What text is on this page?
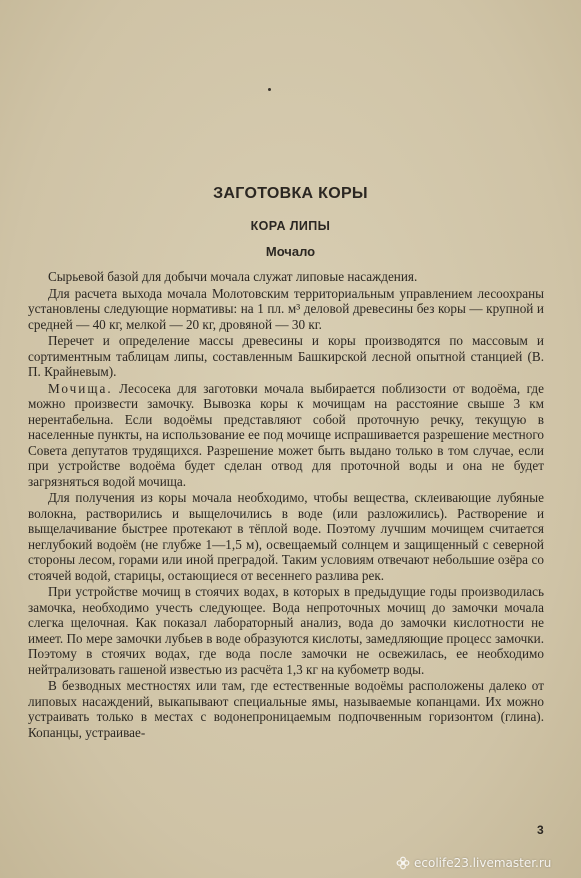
ЗАГОТОВКА КОРЫ
КОРА ЛИПЫ
Мочало

Сырьевой базой для добычи мочала служат липовые насаждения.

Для расчета выхода мочала Молотовским территориальным управлением лесоохраны установлены следующие нормативы: на 1 пл. м³ деловой древесины без коры — крупной и средней — 40 кг, мелкой — 20 кг, дровяной — 30 кг.

Перечет и определение массы древесины и коры производятся по массовым и сортиментным таблицам липы, составленным Башкирской лесной опытной станцией (В. П. Крайневым).

Мочища. Лесосека для заготовки мочала выбирается поблизости от водоёма, где можно произвести замочку. Вывозка коры к мочищам на расстояние свыше 3 км нерентабельна. Если водоёмы представляют собой проточную речку, текущую в населенные пункты, на использование ее под мочище испрашивается разрешение местного Совета депутатов трудящихся. Разрешение может быть выдано только в том случае, если при устройстве водоёма будет сделан отвод для проточной воды и она не будет загрязняться водой мочища.

Для получения из коры мочала необходимо, чтобы вещества, склеивающие лубяные волокна, растворились и выщелочились в воде (или разложились). Растворение и выщелачивание быстрее протекают в тёплой воде. Поэтому лучшим мочищем считается неглубокий водоём (не глубже 1—1,5 м), освещаемый солнцем и защищенный с северной стороны лесом, горами или иной преградой. Таким условиям отвечают небольшие озёра со стоячей водой, старицы, остающиеся от весеннего разлива рек.

При устройстве мочищ в стоячих водах, в которых в предыдущие годы производилась замочка, необходимо учесть следующее. Вода непроточных мочищ до замочки мочала слегка щелочная. Как показал лабораторный анализ, вода до замочки кислотности не имеет. По мере замочки лубьев в воде образуются кислоты, замедляющие процесс замочки. Поэтому в стоячих водах, где вода после замочки не освежилась, ее необходимо нейтрализовать гашеной известью из расчёта 1,3 кг на кубометр воды.

В безводных местностях или там, где естественные водоёмы расположены далеко от липовых насаждений, выкапывают специальные ямы, называемые копанцами. Их можно устраивать только в местах с водонепроницаемым подпочвенным горизонтом (глина). Копанцы, устраивае-

3
ecolife23.livemaster.ru
